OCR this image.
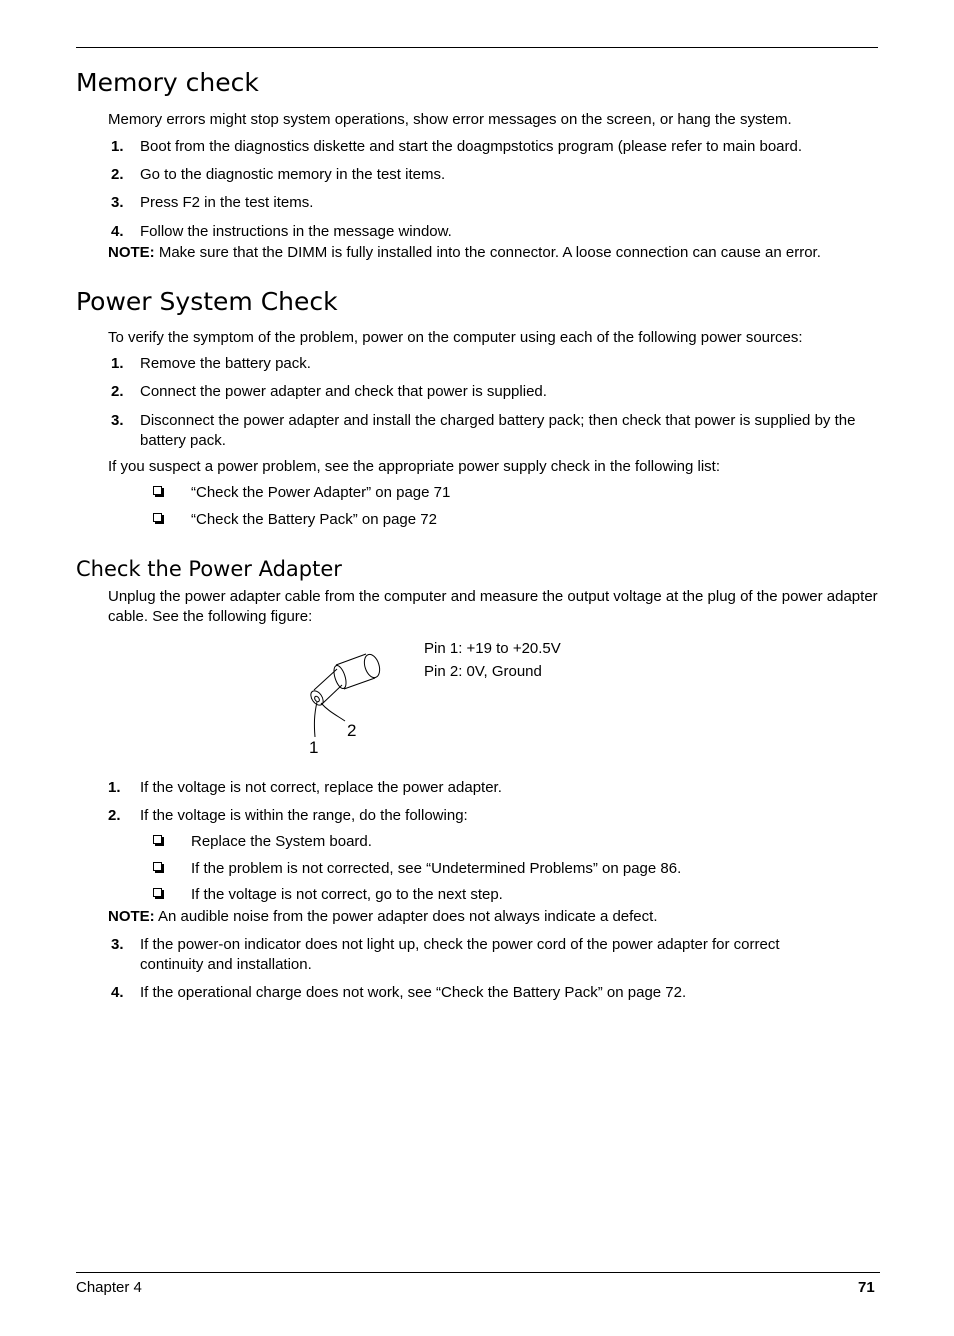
Memory check
Memory errors might stop system operations, show error messages on the screen, or hang the system.
1. Boot from the diagnostics diskette and start the doagmpstotics program (please refer to main board.
2. Go to the diagnostic memory in the test items.
3. Press F2 in the test items.
4. Follow the instructions in the message window.
NOTE: Make sure that the DIMM is fully installed into the connector. A loose connection can cause an error.
Power System Check
To verify the symptom of the problem, power on the computer using each of the following power sources:
1. Remove the battery pack.
2. Connect the power adapter and check that power is supplied.
3. Disconnect the power adapter and install the charged battery pack; then check that power is supplied by the battery pack.
If you suspect a power problem, see the appropriate power supply check in the following list:
“Check the Power Adapter” on page 71
“Check the Battery Pack” on page 72
Check the Power Adapter
Unplug the power adapter cable from the computer and measure the output voltage at the plug of the power adapter cable. See the following figure:
Pin 1: +19 to +20.5V
Pin 2: 0V, Ground
1
2
1. If the voltage is not correct, replace the power adapter.
2. If the voltage is within the range, do the following:
Replace the System board.
If the problem is not corrected, see “Undetermined Problems” on page 86.
If the voltage is not correct, go to the next step.
NOTE: An audible noise from the power adapter does not always indicate a defect.
3. If the power-on indicator does not light up, check the power cord of the power adapter for correct continuity and installation.
4. If the operational charge does not work, see “Check the Battery Pack” on page 72.
Chapter 4	71
